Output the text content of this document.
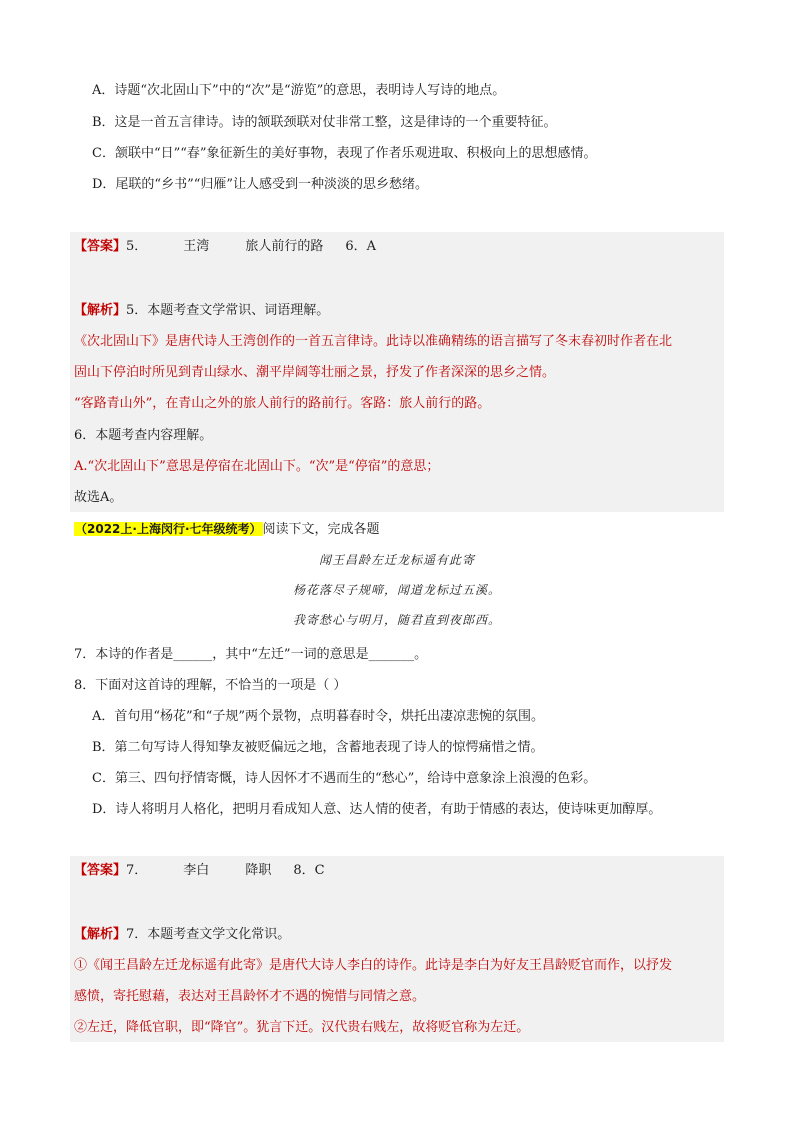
A．诗题“次北固山下”中的“次”是“游览”的意思，表明诗人写诗的地点。
B．这是一首五言律诗。诗的颔联颈联对仗非常工整，这是律诗的一个重要特征。
C．颔联中“日”“春”象征新生的美好事物，表现了作者乐观进取、积极向上的思想感情。
D．尾联的“乡书”“归雁”让人感受到一种淡淡的思乡愁绪。
【答案】5．	王湾	旅人前行的路 6．A
【解析】5．本题考查文学常识、词语理解。
《次北固山下》是唐代诗人王湾创作的一首五言律诗。此诗以准确精练的语言描写了冬末春初时作者在北
固山下停泊时所见到青山绿水、潮平岸阔等壮丽之景，抒发了作者深深的思乡之情。
“客路青山外”，在青山之外的旅人前行的路前行。客路：旅人前行的路。
6．本题考查内容理解。
A.“次北固山下”意思是停宿在北固山下。“次”是“停宿”的意思；
故选A。
（2022上·上海闵行·七年级统考）阅读下文，完成各题
闻王昌龄左迁龙标遥有此寄
杨花落尽子规啼，闻道龙标过五溪。
我寄愁心与明月，随君直到夜郎西。
7．本诗的作者是______，其中“左迁”一词的意思是_______。
8．下面对这首诗的理解，不恰当的一项是（ ）
A．首句用“杨花”和“子规”两个景物，点明暮春时令，烘托出凄凉悲惋的氛围。
B．第二句写诗人得知挚友被贬偏远之地，含蓄地表现了诗人的惊愕痛惜之情。
C．第三、四句抒情寄慨，诗人因怀才不遇而生的“愁心”，给诗中意象涂上浪漫的色彩。
D．诗人将明月人格化，把明月看成知人意、达人情的使者，有助于情感的表达，使诗味更加醇厚。
【答案】7．	李白	降职 8．C
【解析】7．本题考查文学文化常识。
①《闻王昌龄左迁龙标遥有此寄》是唐代大诗人李白的诗作。此诗是李白为好友王昌龄贬官而作，以抒发
感愤，寄托慰藉，表达对王昌龄怀才不遇的惋惜与同情之意。
②左迁，降低官职，即“降官”。犹言下迁。汉代贵右贱左，故将贬官称为左迁。
